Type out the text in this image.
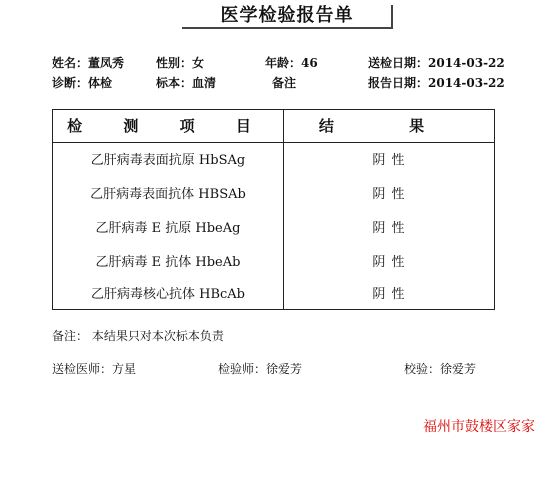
医学检验报告单
姓名：董凤秀	性别：女	年龄：46	送检日期：2014-03-22
诊断：体检	标本：血清	备注	报告日期：2014-03-22
检 测 项 目	结 果
乙肝病毒表面抗原 HbSAg	阴 性
乙肝病毒表面抗体 HBSAb	阴 性
乙肝病毒 E 抗原 HbeAg	阴 性
乙肝病毒 E 抗体 HbeAb	阴 性
乙肝病毒核心抗体 HBcAb	阴 性
备注： 本结果只对本次标本负责
送检医师：方星	检验师：徐爱芳	校验：徐爱芳
福州市鼓楼区家家
